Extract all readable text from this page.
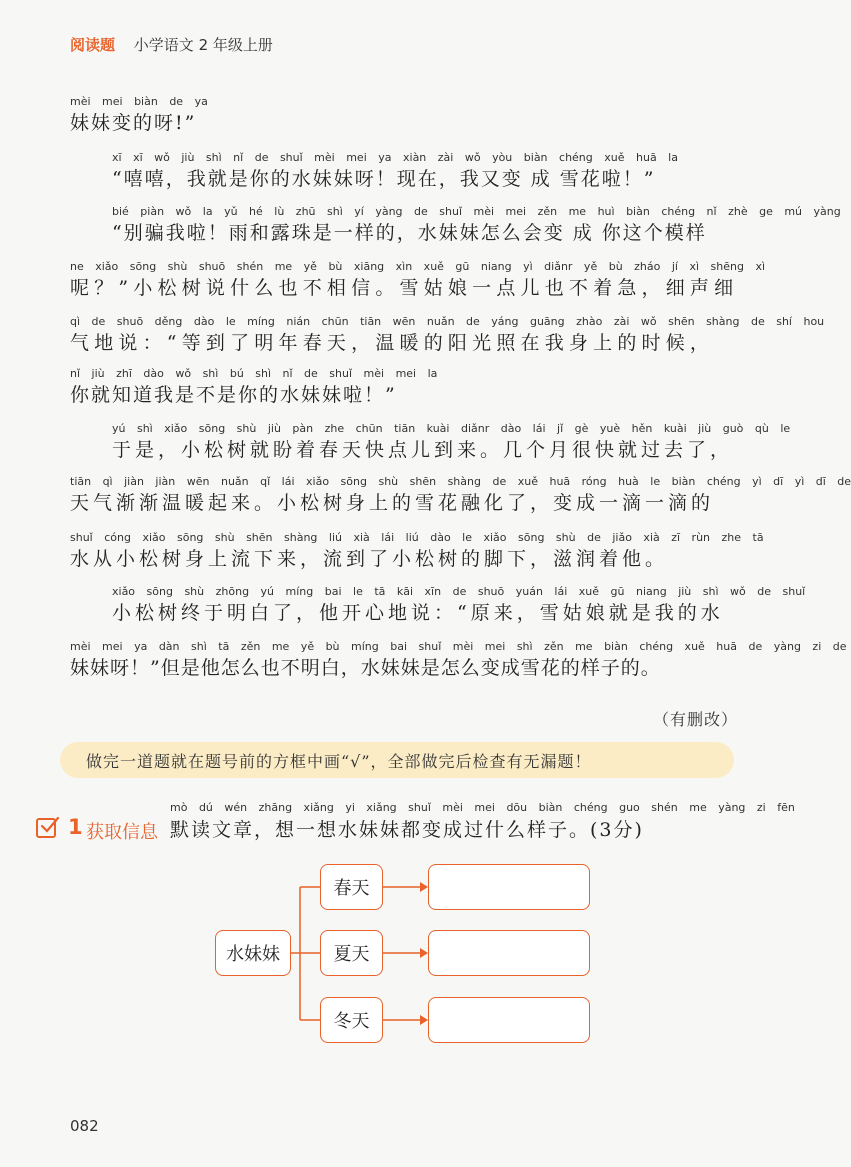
阅读题 小学语文 2 年级上册
mèi mei biàn de ya
妹妹变的呀!”
xī xī wǒ jiù shì nǐ de shuǐ mèi mei ya xiàn zài wǒ yòu biàn chéng xuě huā la
“嘻嘻，我就是你的水妹妹呀！现在，我又变 成 雪花啦！”
bié piàn wǒ la yǔ hé lù zhū shì yí yàng de shuǐ mèi mei zěn me huì biàn chéng nǐ zhè ge mú yàng
“别骗我啦！雨和露珠是一样的，水妹妹怎么会变 成 你这个模样
ne xiǎo sōng shù shuō shén me yě bù xiāng xìn xuě gū niang yì diǎnr yě bù zháo jí xì shēng xì
呢？”小松树说什么也不相信。雪姑娘一点儿也不着急，细声细
qì de shuō děng dào le míng nián chūn tiān wēn nuǎn de yáng guāng zhào zài wǒ shēn shàng de shí hou
气地说：“等到了明年春天，温暖的阳光照在我身上的时候，
nǐ jiù zhī dào wǒ shì bú shì nǐ de shuǐ mèi mei la
你就知道我是不是你的水妹妹啦！”
yú shì xiǎo sōng shù jiù pàn zhe chūn tiān kuài diǎnr dào lái jǐ gè yuè hěn kuài jiù guò qù le
于是，小松树就盼着春天快点儿到来。几个月很快就过去了，
tiān qì jiàn jiàn wēn nuǎn qǐ lái xiǎo sōng shù shēn shàng de xuě huā róng huà le biàn chéng yì dī yì dī de
天气渐渐温暖起来。小松树身上的雪花融化了，变成一滴一滴的
shuǐ cóng xiǎo sōng shù shēn shàng liú xià lái liú dào le xiǎo sōng shù de jiǎo xià zī rùn zhe tā
水从小松树身上流下来，流到了小松树的脚下，滋润着他。
xiǎo sōng shù zhōng yú míng bai le tā kāi xīn de shuō yuán lái xuě gū niang jiù shì wǒ de shuǐ
小松树终于明白了，他开心地说：“原来，雪姑娘就是我的水
mèi mei ya dàn shì tā zěn me yě bù míng bai shuǐ mèi mei shì zěn me biàn chéng xuě huā de yàng zi de
妹妹呀！”但是他怎么也不明白，水妹妹是怎么变成雪花的样子的。
（有删改）
做完一道题就在题号前的方框中画“√”，全部做完后检查有无漏题！
mò dú wén zhāng xiǎng yi xiǎng shuǐ mèi mei dōu biàn chéng guo shén me yàng zi fēn
1 获取信息 默读文章，想一想水妹妹都变成过什么样子。(3分)
水妹妹
春天
夏天
冬天
082
